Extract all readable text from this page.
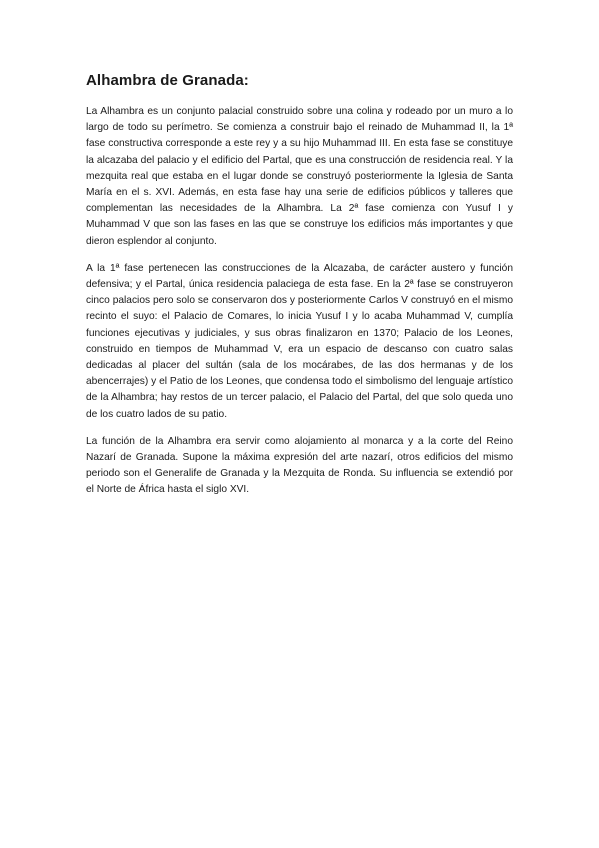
Alhambra de Granada:

La Alhambra es un conjunto palacial construido sobre una colina y rodeado por un muro a lo largo de todo su perímetro. Se comienza a construir bajo el reinado de Muhammad II, la 1ª fase constructiva corresponde a este rey y a su hijo Muhammad III. En esta fase se constituye la alcazaba del palacio y el edificio del Partal, que es una construcción de residencia real. Y la mezquita real que estaba en el lugar donde se construyó posteriormente la Iglesia de Santa María en el s. XVI. Además, en esta fase hay una serie de edificios públicos y talleres que complementan las necesidades de la Alhambra. La 2ª fase comienza con Yusuf I y Muhammad V que son las fases en las que se construye los edificios más importantes y que dieron esplendor al conjunto.

A la 1ª fase pertenecen las construcciones de la Alcazaba, de carácter austero y función defensiva; y el Partal, única residencia palaciega de esta fase. En la 2ª fase se construyeron cinco palacios pero solo se conservaron dos y posteriormente Carlos V construyó en el mismo recinto el suyo: el Palacio de Comares, lo inicia Yusuf I y lo acaba Muhammad V, cumplía funciones ejecutivas y judiciales, y sus obras finalizaron en 1370; Palacio de los Leones, construido en tiempos de Muhammad V, era un espacio de descanso con cuatro salas dedicadas al placer del sultán (sala de los mocárabes, de las dos hermanas y de los abencerrajes) y el Patio de los Leones, que condensa todo el simbolismo del lenguaje artístico de la Alhambra; hay restos de un tercer palacio, el Palacio del Partal, del que solo queda uno de los cuatro lados de su patio.

La función de la Alhambra era servir como alojamiento al monarca y a la corte del Reino Nazarí de Granada. Supone la máxima expresión del arte nazarí, otros edificios del mismo periodo son el Generalife de Granada y la Mezquita de Ronda. Su influencia se extendió por el Norte de África hasta el siglo XVI.
